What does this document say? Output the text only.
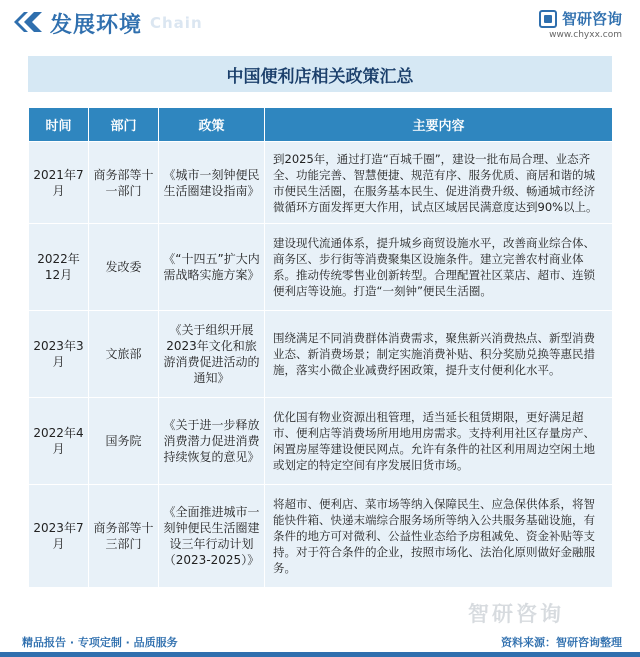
发展环境 Chain	智研咨询
www.chyxx.com
中国便利店相关政策汇总
时间	部门	政策	主要内容
2021年7月	商务部等十一部门	《城市一刻钟便民生活圈建设指南》	到2025年，通过打造“百城千圈”，建设一批布局合理、业态齐全、功能完善、智慧便捷、规范有序、服务优质、商居和谐的城市便民生活圈，在服务基本民生、促进消费升级、畅通城市经济微循环方面发挥更大作用，试点区域居民满意度达到90%以上。
2022年12月	发改委	《“十四五”扩大内需战略实施方案》	建设现代流通体系，提升城乡商贸设施水平，改善商业综合体、商务区、步行街等消费聚集区设施条件。建立完善农村商业体系。推动传统零售业创新转型。合理配置社区菜店、超市、连锁便利店等设施。打造“一刻钟”便民生活圈。
2023年3月	文旅部	《关于组织开展2023年文化和旅游消费促进活动的通知》	围绕满足不同消费群体消费需求，聚焦新兴消费热点、新型消费业态、新消费场景；制定实施消费补贴、积分奖励兑换等惠民措施，落实小微企业减费纾困政策，提升支付便利化水平。
2022年4月	国务院	《关于进一步释放消费潜力促进消费持续恢复的意见》	优化国有物业资源出租管理，适当延长租赁期限，更好满足超市、便利店等消费场所用地用房需求。支持利用社区存量房产、闲置房屋等建设便民网点。允许有条件的社区利用周边空闲土地或划定的特定空间有序发展旧货市场。
2023年7月	商务部等十三部门	《全面推进城市一刻钟便民生活圈建设三年行动计划（2023-2025）》	将超市、便利店、菜市场等纳入保障民生、应急保供体系，将智能快件箱、快递末端综合服务场所等纳入公共服务基础设施，有条件的地方可对微利、公益性业态给予房租减免、资金补贴等支持。对于符合条件的企业，按照市场化、法治化原则做好金融服务。
智研咨询
精品报告 · 专项定制 · 品质服务	资料来源：智研咨询整理
